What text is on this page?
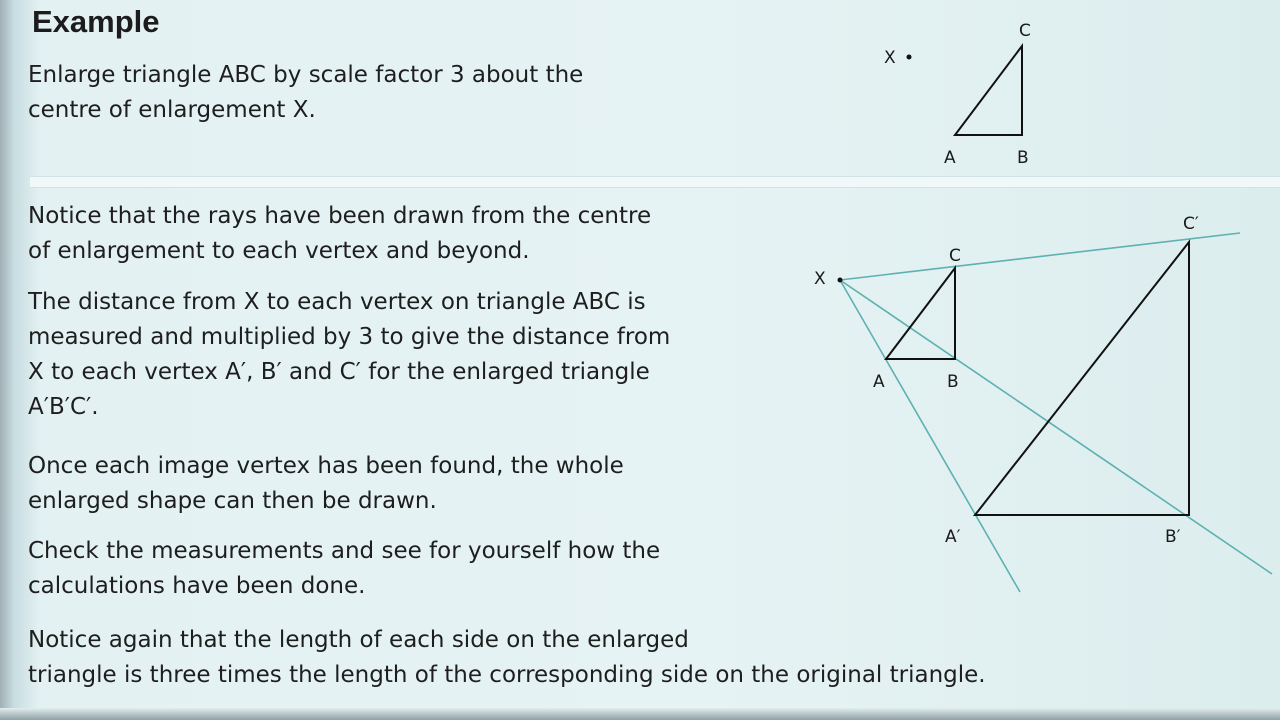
Example

Enlarge triangle ABC by scale factor 3 about the
centre of enlargement X.

Notice that the rays have been drawn from the centre
of enlargement to each vertex and beyond.

The distance from X to each vertex on triangle ABC is
measured and multiplied by 3 to give the distance from
X to each vertex A′, B′ and C′ for the enlarged triangle
A′B′C′.

Once each image vertex has been found, the whole
enlarged shape can then be drawn.

Check the measurements and see for yourself how the
calculations have been done.

Notice again that the length of each side on the enlarged
triangle is three times the length of the corresponding side on the original triangle.

X
C
A	B
X
C
A	B
C′
A′	B′
